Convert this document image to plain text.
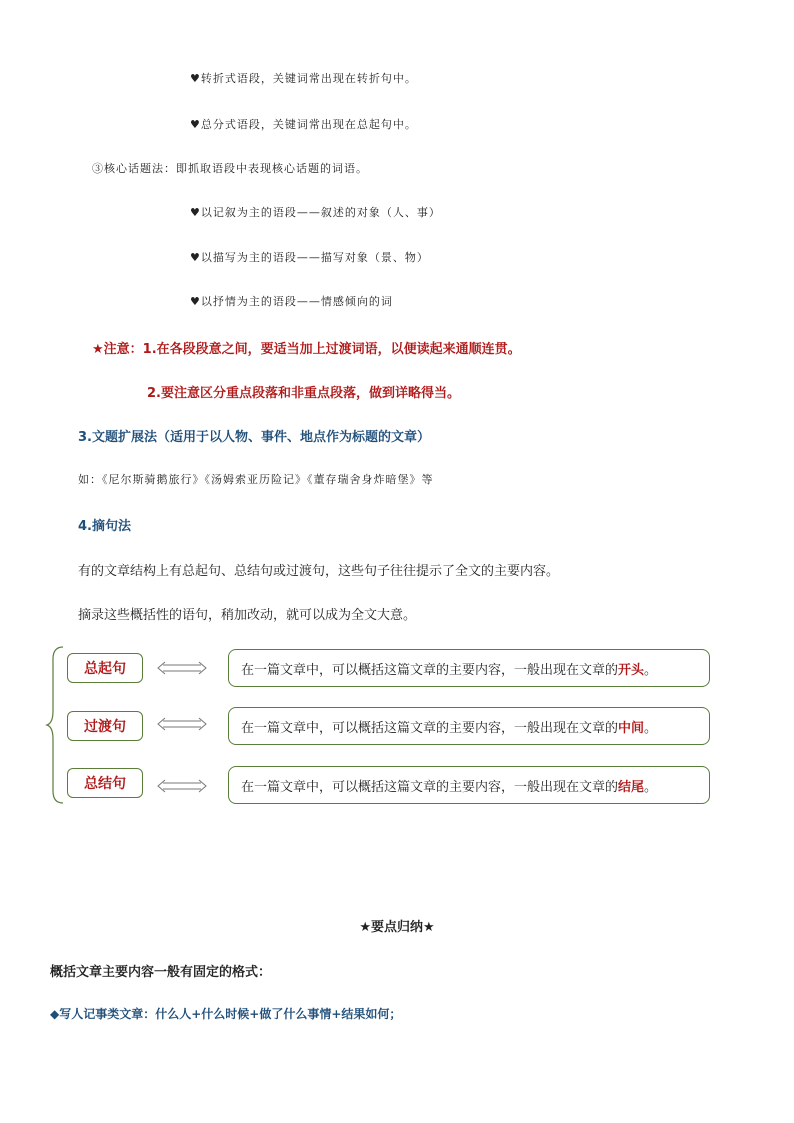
♥转折式语段，关键词常出现在转折句中。
♥总分式语段，关键词常出现在总起句中。
③核心话题法：即抓取语段中表现核心话题的词语。
♥以记叙为主的语段——叙述的对象（人、事）
♥以描写为主的语段——描写对象（景、物）
♥以抒情为主的语段——情感倾向的词
★注意：1.在各段段意之间，要适当加上过渡词语，以便读起来通顺连贯。
2.要注意区分重点段落和非重点段落，做到详略得当。
3.文题扩展法（适用于以人物、事件、地点作为标题的文章）
如：《尼尔斯骑鹅旅行》《汤姆索亚历险记》《董存瑞舍身炸暗堡》等
4.摘句法
有的文章结构上有总起句、总结句或过渡句，这些句子往往提示了全文的主要内容。
摘录这些概括性的语句，稍加改动，就可以成为全文大意。
总起句	在一篇文章中，可以概括这篇文章的主要内容，一般出现在文章的 开头 。
过渡句	在一篇文章中，可以概括这篇文章的主要内容，一般出现在文章的 中间 。
总结句	在一篇文章中，可以概括这篇文章的主要内容，一般出现在文章的 结尾 。
★要点归纳★
概括文章主要内容一般有固定的格式：
◆写人记事类文章：什么人+什么时候+做了什么事情+结果如何；
